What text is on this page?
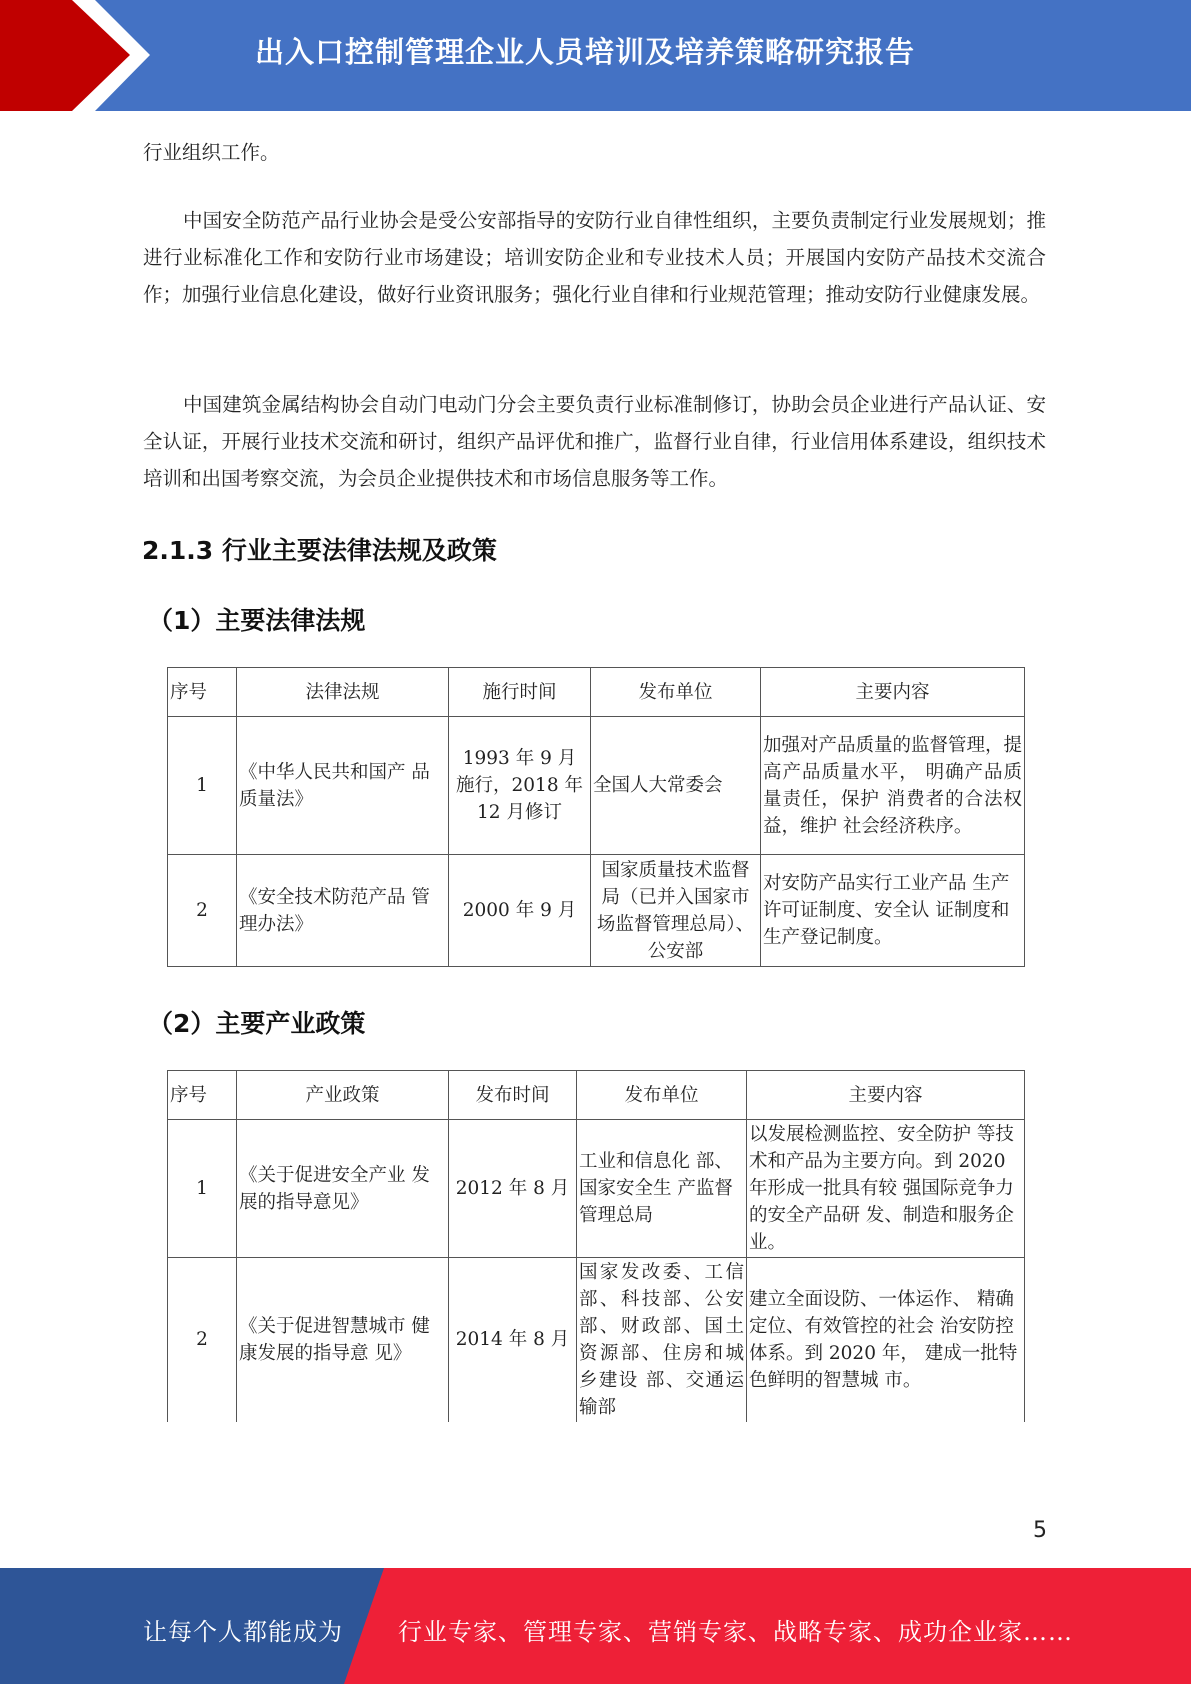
出入口控制管理企业人员培训及培养策略研究报告

行业组织工作。

中国安全防范产品行业协会是受公安部指导的安防行业自律性组织，主要负责制定行业发展规划；推进行业标准化工作和安防行业市场建设；培训安防企业和专业技术人员；开展国内安防产品技术交流合作；加强行业信息化建设，做好行业资讯服务；强化行业自律和行业规范管理；推动安防行业健康发展。

中国建筑金属结构协会自动门电动门分会主要负责行业标准制修订，协助会员企业进行产品认证、安全认证，开展行业技术交流和研讨，组织产品评优和推广，监督行业自律，行业信用体系建设，组织技术培训和出国考察交流，为会员企业提供技术和市场信息服务等工作。

2.1.3 行业主要法律法规及政策
（1）主要法律法规
序号	法律法规	施行时间	发布单位	主要内容
1	《中华人民共和国产 品质量法》	1993 年 9 月 施行，2018 年 12 月修订	全国人大常委会	加强对产品质量的监督管理，提高产品质量水平， 明确产品质量责任，保护 消费者的合法权益，维护 社会经济秩序。
2	《安全技术防范产品 管理办法》	2000 年 9 月	国家质量技术监督局（已并入国家市场监督管理总局）、公安部	对安防产品实行工业产品 生产许可证制度、安全认 证制度和生产登记制度。
（2）主要产业政策
序号	产业政策	发布时间	发布单位	主要内容
1	《关于促进安全产业 发展的指导意见》	2012 年 8 月	工业和信息化 部、国家安全生 产监督管理总局	以发展检测监控、安全防护 等技术和产品为主要方向。到 2020 年形成一批具有较 强国际竞争力的安全产品研 发、制造和服务企业。
2	《关于促进智慧城市 健康发展的指导意 见》	2014 年 8 月	国家发改委、工信部、科技部、公安部、财政部、国土资源部、住房和城乡建设 部、交通运输部	建立全面设防、一体运作、 精确定位、有效管控的社会 治安防控体系。到 2020 年， 建成一批特色鲜明的智慧城 市。
5
让每个人都能成为 行业专家、管理专家、营销专家、战略专家、成功企业家……
